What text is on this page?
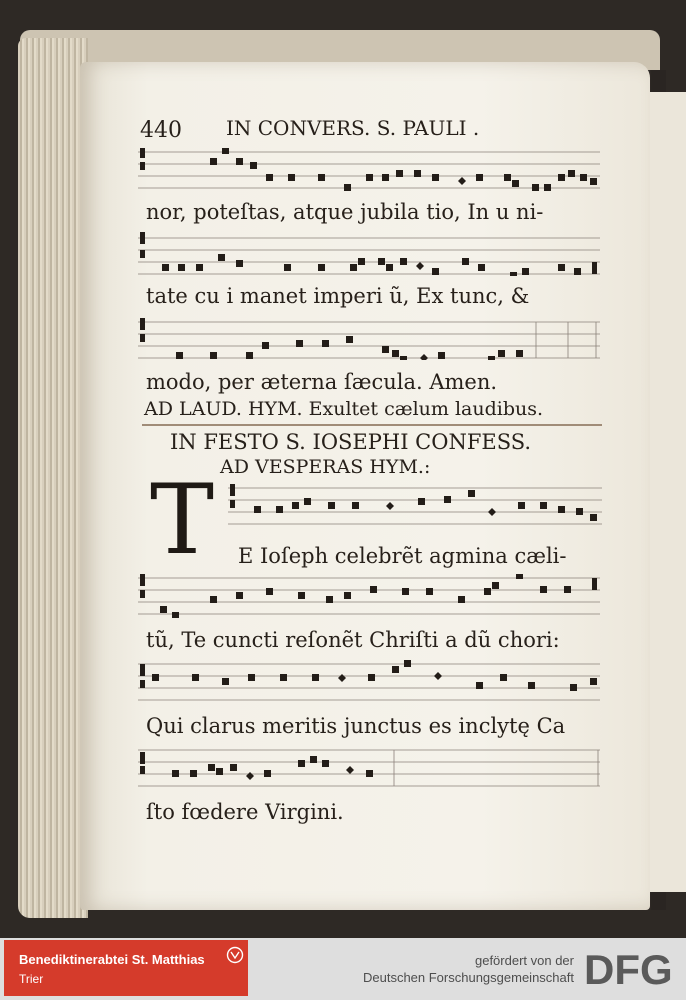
440 IN CONVERS. S. PAULI .

nor, poteſtas, atque jubila tio, In u ni-

tate cu i manet imperi ũ, Ex tunc, &

modo, per æterna ſæcula. Amen.

AD LAUD. HYM. Exultet cælum laudibus.

IN FESTO S. IOSEPHI CONFESS.

AD VESPERAS HYM.:

T E Ioſeph celebrẽt agmina cæli-

tũ, Te cuncti reſonẽt Chriſti a dũ chori:

Qui clarus meritis junctus es inclytę Ca

ſto fœdere Virgini.

Benediktinerabtei St. Matthias

Trier

gefördert von der

Deutschen Forschungsgemeinschaft DFG
